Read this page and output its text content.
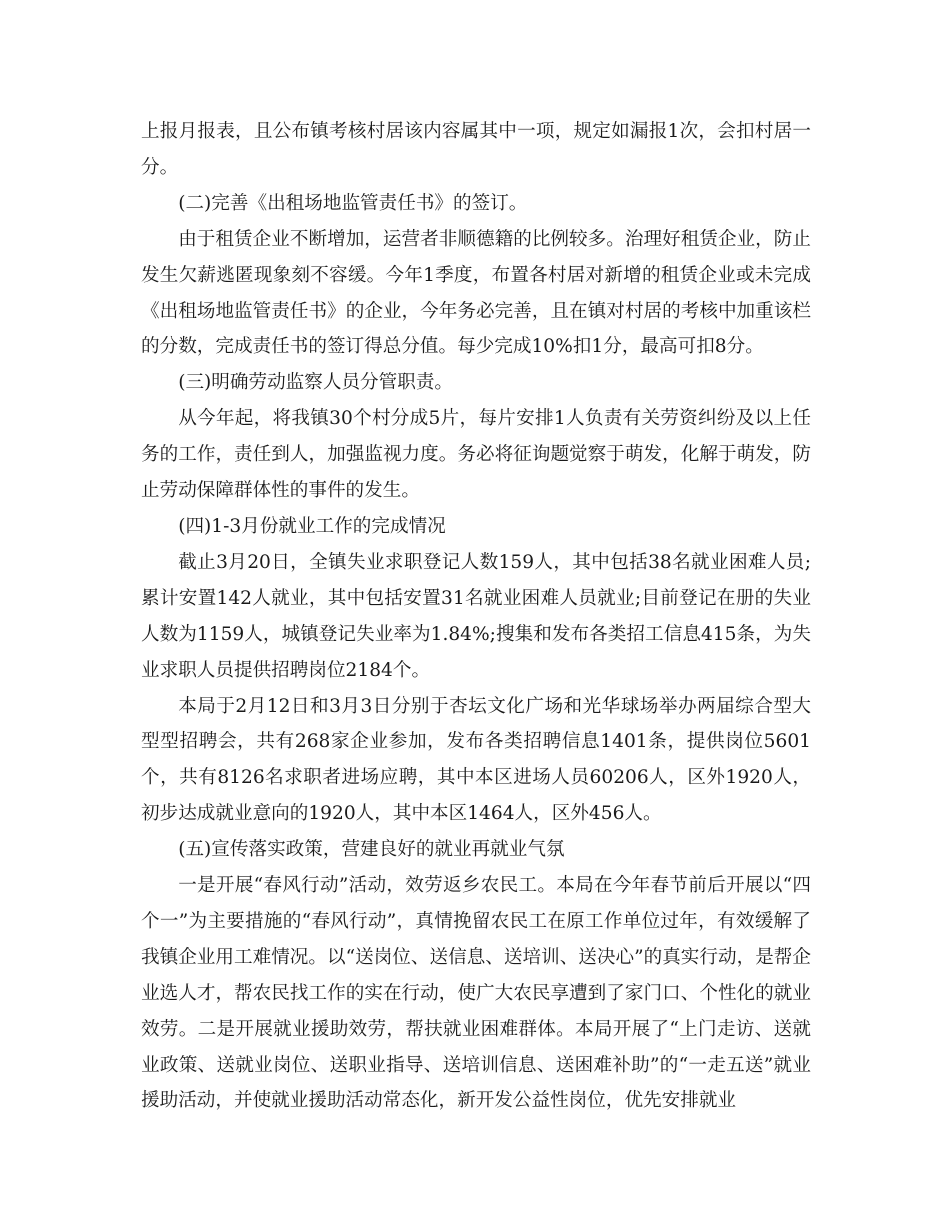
上报月报表，且公布镇考核村居该内容属其中一项，规定如漏报1次，会扣村居一分。

(二)完善《出租场地监管责任书》的签订。

由于租赁企业不断增加，运营者非顺德籍的比例较多。治理好租赁企业，防止发生欠薪逃匿现象刻不容缓。今年1季度，布置各村居对新增的租赁企业或未完成《出租场地监管责任书》的企业，今年务必完善，且在镇对村居的考核中加重该栏的分数，完成责任书的签订得总分值。每少完成10%扣1分，最高可扣8分。

(三)明确劳动监察人员分管职责。

从今年起，将我镇30个村分成5片，每片安排1人负责有关劳资纠纷及以上任务的工作，责任到人，加强监视力度。务必将征询题觉察于萌发，化解于萌发，防止劳动保障群体性的事件的发生。

(四)1-3月份就业工作的完成情况

截止3月20日，全镇失业求职登记人数159人，其中包括38名就业困难人员;累计安置142人就业，其中包括安置31名就业困难人员就业;目前登记在册的失业人数为1159人，城镇登记失业率为1.84%;搜集和发布各类招工信息415条，为失业求职人员提供招聘岗位2184个。

本局于2月12日和3月3日分别于杏坛文化广场和光华球场举办两届综合型大型型招聘会，共有268家企业参加，发布各类招聘信息1401条，提供岗位5601个，共有8126名求职者进场应聘，其中本区进场人员60206人，区外1920人，初步达成就业意向的1920人，其中本区1464人，区外456人。

(五)宣传落实政策，营建良好的就业再就业气氛

一是开展“春风行动”活动，效劳返乡农民工。本局在今年春节前后开展以“四个一”为主要措施的“春风行动”，真情挽留农民工在原工作单位过年，有效缓解了我镇企业用工难情况。以“送岗位、送信息、送培训、送决心”的真实行动，是帮企业选人才，帮农民找工作的实在行动，使广大农民享遭到了家门口、个性化的就业效劳。二是开展就业援助效劳，帮扶就业困难群体。本局开展了“上门走访、送就业政策、送就业岗位、送职业指导、送培训信息、送困难补助”的“一走五送”就业援助活动，并使就业援助活动常态化，新开发公益性岗位，优先安排就业
